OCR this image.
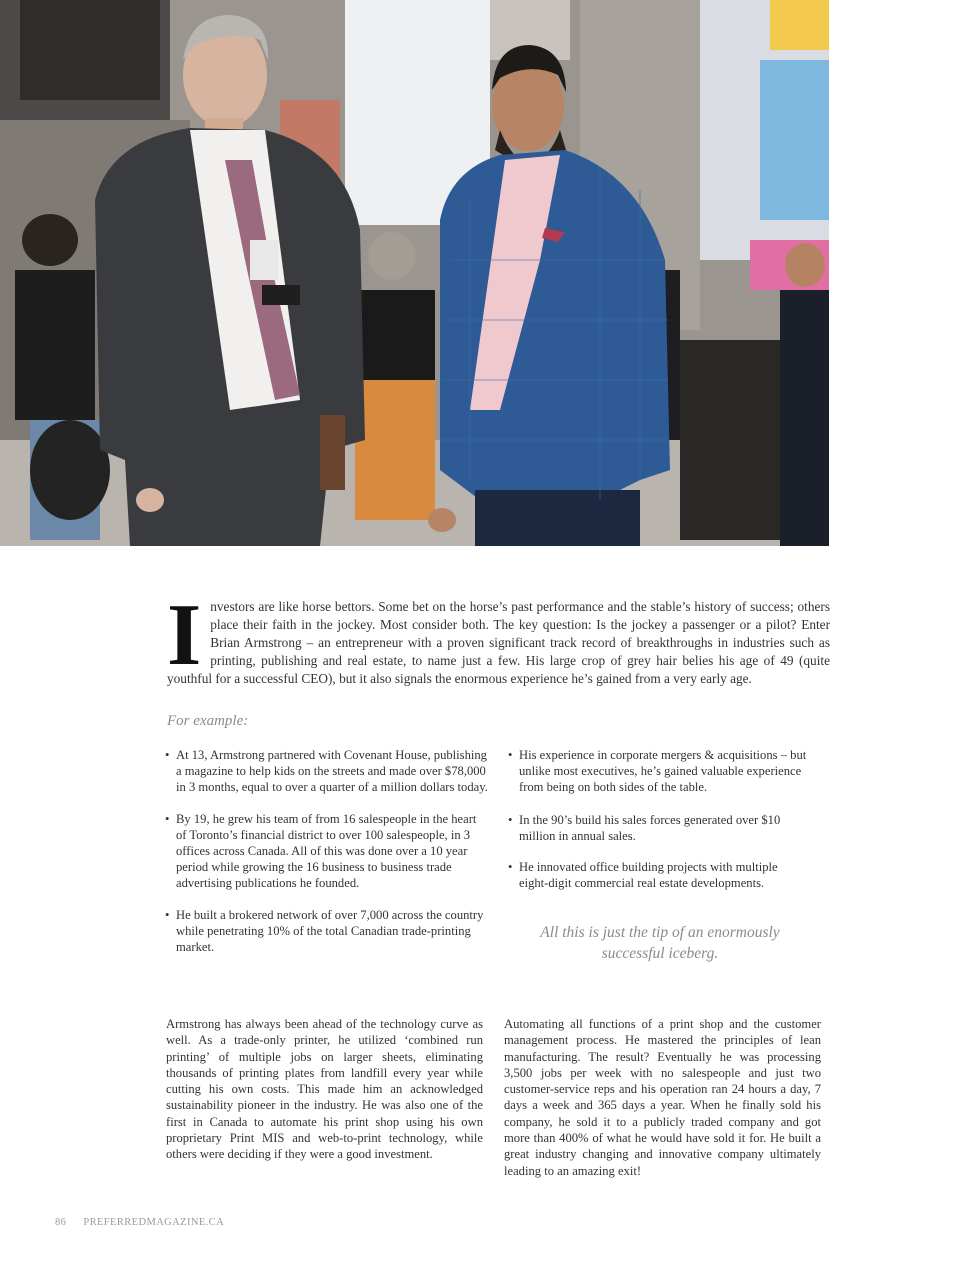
Investors are like horse bettors. Some bet on the horse’s past performance and the stable’s history of success; others place their faith in the jockey. Most consider both. The key question: Is the jockey a passenger or a pilot? Enter Brian Armstrong – an entrepreneur with a proven significant track record of breakthroughs in industries such as printing, publishing and real estate, to name just a few. His large crop of grey hair belies his age of 49 (quite youthful for a successful CEO), but it also signals the enormous experience he’s gained from a very early age.
For example:
• At 13, Armstrong partnered with Covenant House, publishing a magazine to help kids on the streets and made over $78,000 in 3 months, equal to over a quarter of a million dollars today.
• By 19, he grew his team of from 16 salespeople in the heart of Toronto’s financial district to over 100 salespeople, in 3 offices across Canada. All of this was done over a 10 year period while growing the 16 business to business trade advertising publications he founded.
• He built a brokered network of over 7,000 across the country while penetrating 10% of the total Canadian trade-printing market.
• His experience in corporate mergers & acquisitions – but unlike most executives, he’s gained valuable experience from being on both sides of the table.
• In the 90’s build his sales forces generated over $10 million in annual sales.
• He innovated office building projects with multiple eight-digit commercial real estate developments.
All this is just the tip of an enormously successful iceberg.
Armstrong has always been ahead of the technology curve as well. As a trade-only printer, he utilized ‘combined run printing’ of multiple jobs on larger sheets, eliminating thousands of printing plates from landfill every year while cutting his own costs. This made him an acknowledged sustainability pioneer in the industry. He was also one of the first in Canada to automate his print shop using his own proprietary Print MIS and web-to-print technology, while others were deciding if they were a good investment.
Automating all functions of a print shop and the customer management process. He mastered the principles of lean manufacturing. The result? Eventually he was processing 3,500 jobs per week with no salespeople and just two customer-service reps and his operation ran 24 hours a day, 7 days a week and 365 days a year. When he finally sold his company, he sold it to a publicly traded company and got more than 400% of what he would have sold it for. He built a great industry changing and innovative company ultimately leading to an amazing exit!
86 PREFERREDMAGAZINE.CA
